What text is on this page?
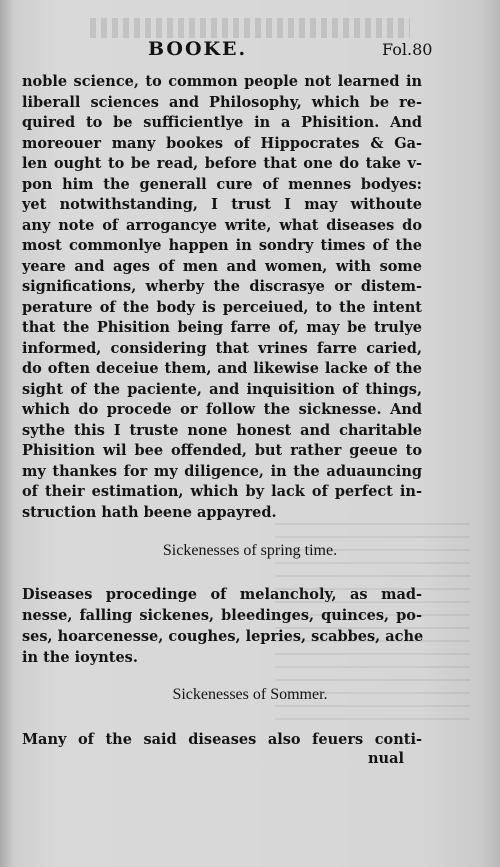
BOOKE.	Fol.80
noble science, to common people not learned in
liberall sciences and Philosophy, which be re-
quired to be sufficientlye in a Phisition. And
moreouer many bookes of Hippocrates & Ga-
len ought to be read, before that one do take v-
pon him the generall cure of mennes bodyes:
yet notwithstanding, I trust I may withoute
any note of arrogancye write, what diseases do
most commonlye happen in sondry times of the
yeare and ages of men and women, with some
significations, wherby the discrasye or distem-
perature of the body is perceiued, to the intent
that the Phisition being farre of, may be trulye
informed, considering that vrines farre caried,
do often deceiue them, and likewise lacke of the
sight of the paciente, and inquisition of things,
which do procede or follow the sicknesse. And
sythe this I truste none honest and charitable
Phisition wil bee offended, but rather geeue to
my thankes for my diligence, in the aduauncing
of their estimation, which by lack of perfect in-
struction hath beene appayred.
Sickenesses of spring time.
Diseases procedinge of melancholy, as mad-
nesse, falling sickenes, bleedinges, quinces, po-
ses, hoarcenesse, coughes, lepries, scabbes, ache
in the ioyntes.
Sickenesses of Sommer.
Many of the said diseases also feuers conti-
nual
